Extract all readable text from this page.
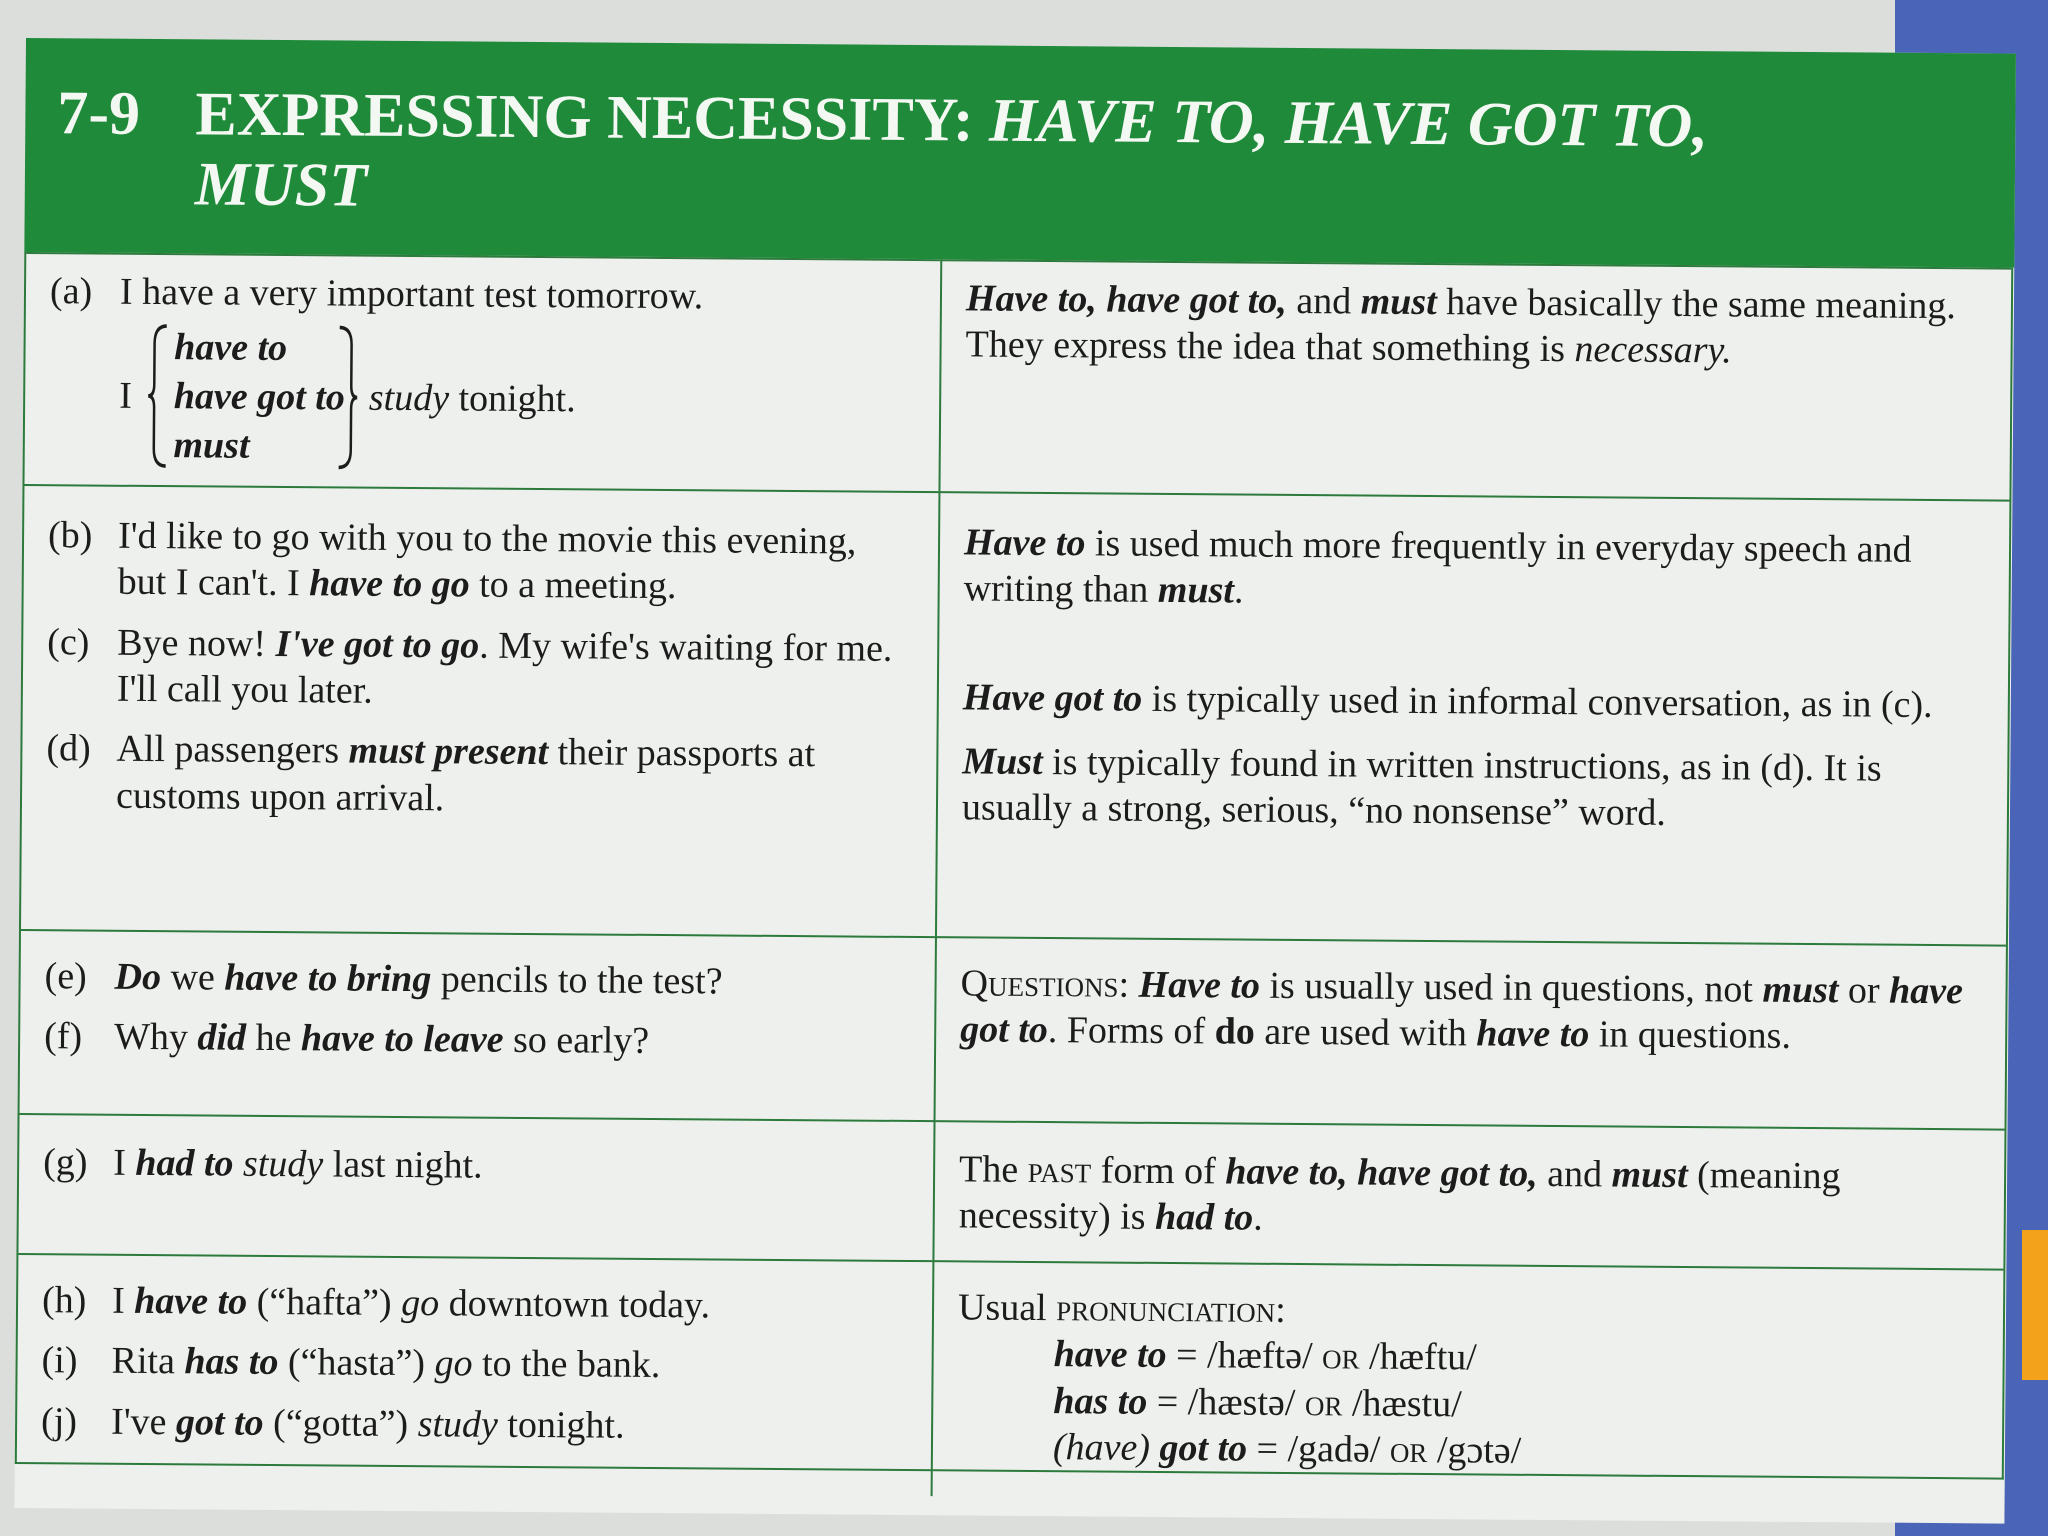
7-9 EXPRESSING NECESSITY: HAVE TO, HAVE GOT TO,
MUST
(a) I have a very important test tomorrow.
I
have to
have got to
must
study tonight.
Have to, have got to, and must have basically the same meaning. They express the idea that something is necessary.
(b) I'd like to go with you to the movie this evening, but I can't. I have to go to a meeting.
(c) Bye now! I've got to go. My wife's waiting for me. I'll call you later.
(d) All passengers must present their passports at customs upon arrival.
Have to is used much more frequently in everyday speech and writing than must.
Have got to is typically used in informal conversation, as in (c).
Must is typically found in written instructions, as in (d). It is usually a strong, serious, “no nonsense” word.
(e) Do we have to bring pencils to the test?
(f) Why did he have to leave so early?
Questions: Have to is usually used in questions, not must or have got to. Forms of do are used with have to in questions.
(g) I had to study last night.	The past form of have to, have got to, and must (meaning necessity) is had to.
(h) I have to (“hafta”) go downtown today.
(i) Rita has to (“hasta”) go to the bank.
(j) I've got to (“gotta”) study tonight.
Usual pronunciation:
have to = /hæftə/ or /hæftu/
has to = /hæstə/ or /hæstu/
(have) got to = /gadə/ or /gɔtə/
